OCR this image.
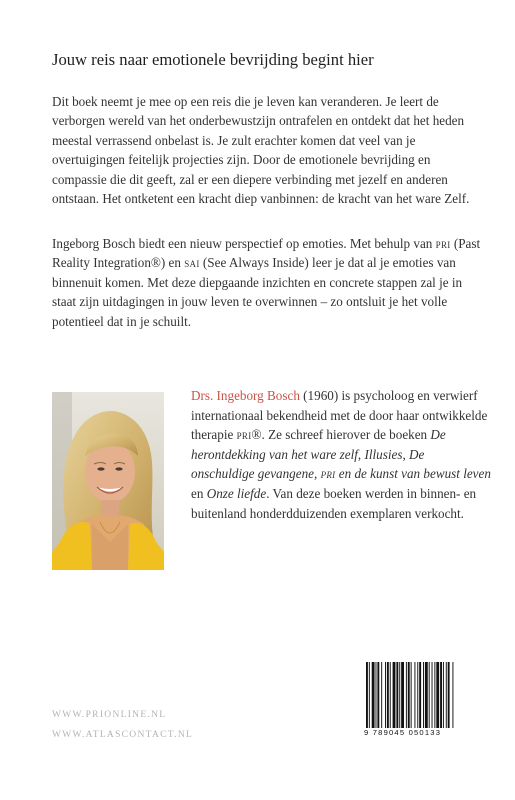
Jouw reis naar emotionele bevrijding begint hier

Dit boek neemt je mee op een reis die je leven kan veranderen. Je leert de verborgen wereld van het onderbewustzijn ontrafelen en ontdekt dat het heden meestal verrassend onbelast is. Je zult erachter komen dat veel van je overtuigingen feitelijk projecties zijn. Door de emotionele bevrijding en compassie die dit geeft, zal er een diepere verbinding met jezelf en anderen ontstaan. Het ontketent een kracht diep vanbinnen: de kracht van het ware Zelf.

Ingeborg Bosch biedt een nieuw perspectief op emoties. Met behulp van pri (Past Reality Integration®) en sai (See Always Inside) leer je dat al je emoties van binnenuit komen. Met deze diepgaande inzichten en concrete stappen zal je in staat zijn uitdagingen in jouw leven te overwinnen – zo ontsluit je het volle potentieel dat in je schuilt.

Drs. Ingeborg Bosch (1960) is psycholoog en verwierf internationaal bekendheid met de door haar ontwikkelde therapie pri®. Ze schreef hierover de boeken De herontdekking van het ware zelf, Illusies, De onschuldige gevangene, pri en de kunst van bewust leven en Onze liefde. Van deze boeken werden in binnen- en buitenland honderdduizenden exemplaren verkocht.

WWW.PRIONLINE.NL
WWW.ATLASCONTACT.NL	9 789045 050133
